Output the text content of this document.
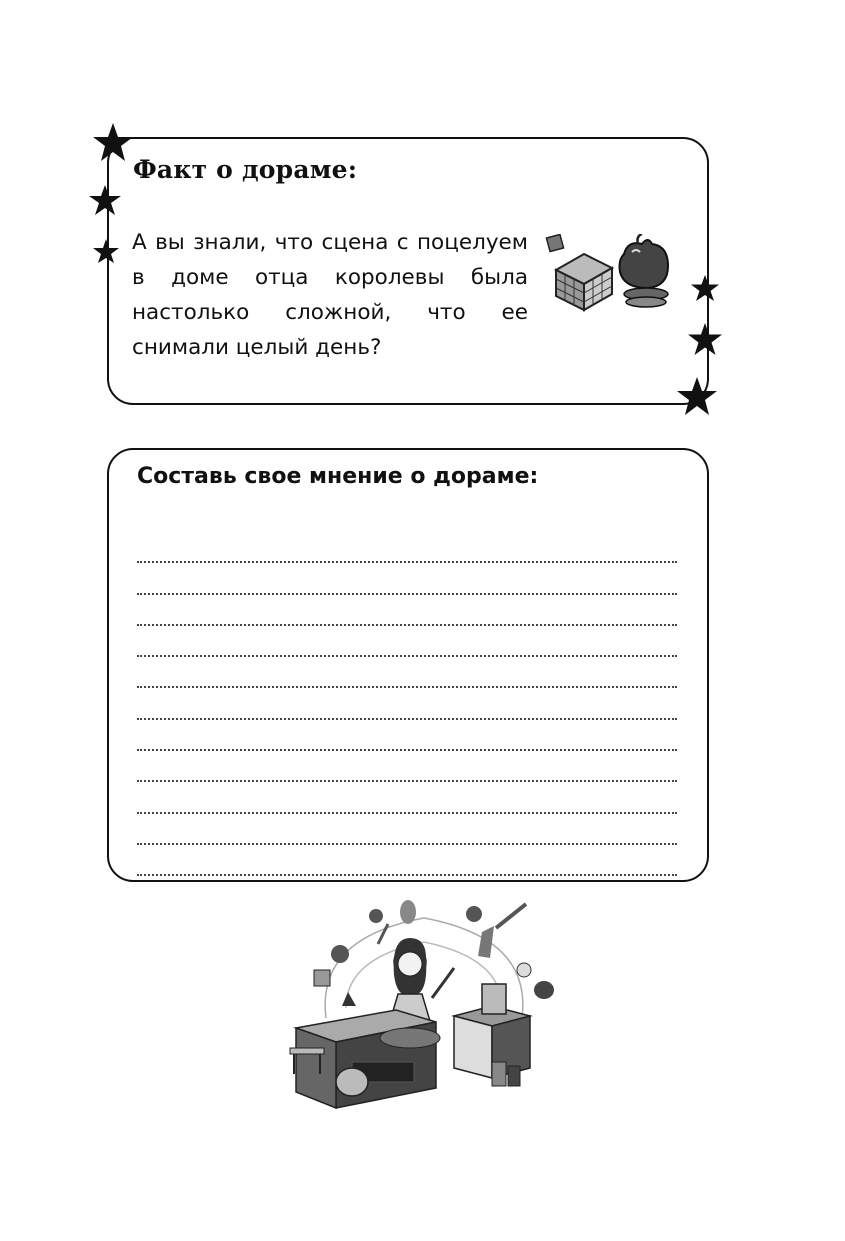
Факт о дораме:

А вы знали, что сцена с поцелуем в доме отца королевы была настолько сложной, что ее снимали целый день?

Составь свое мнение о дораме:
